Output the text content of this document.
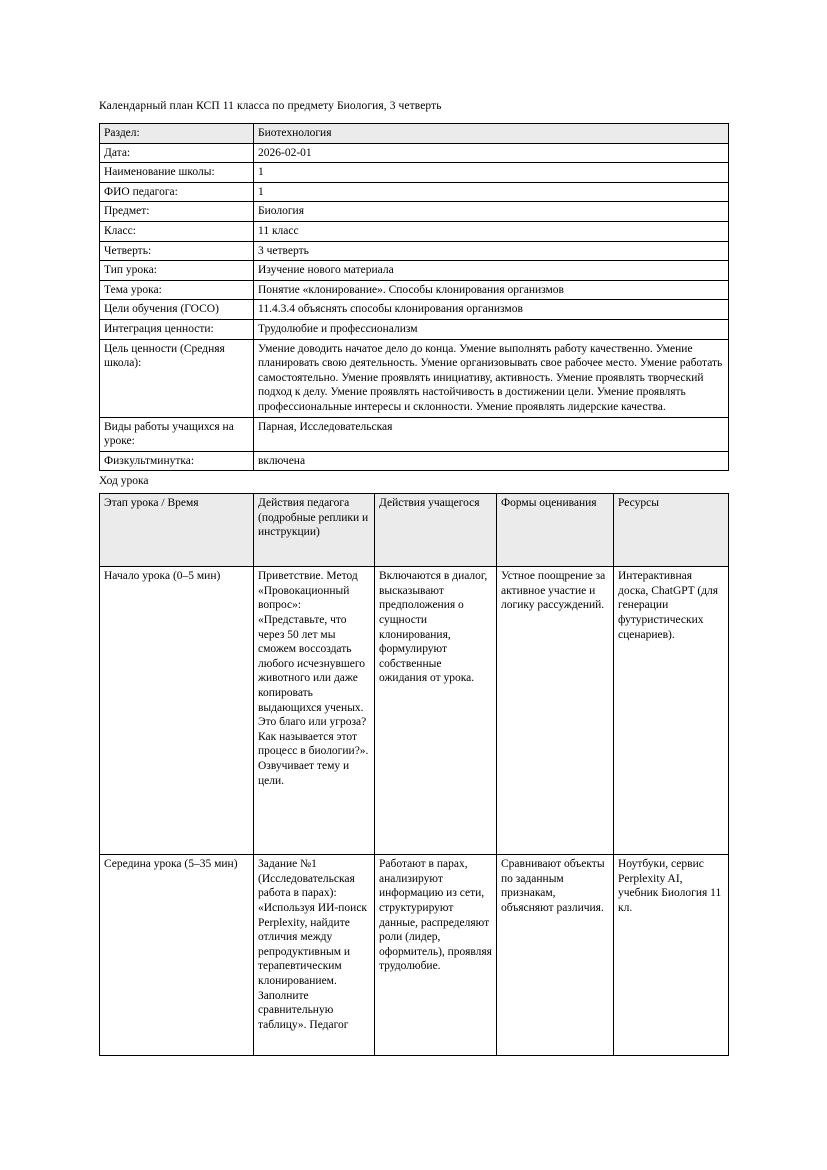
Календарный план КСП 11 класса по предмету Биология, 3 четверть
Раздел:	Биотехнология
Дата:	2026-02-01
Наименование школы:	1
ФИО педагога:	1
Предмет:	Биология
Класс:	11 класс
Четверть:	3 четверть
Тип урока:	Изучение нового материала
Тема урока:	Понятие «клонирование». Способы клонирования организмов
Цели обучения (ГОСО)	11.4.3.4 объяснять способы клонирования организмов
Интеграция ценности:	Трудолюбие и профессионализм
Цель ценности (Средняя школа):	Умение доводить начатое дело до конца. Умение выполнять работу качественно. Умение планировать свою деятельность. Умение организовывать свое рабочее место. Умение работать самостоятельно. Умение проявлять инициативу, активность. Умение проявлять творческий подход к делу. Умение проявлять настойчивость в достижении цели. Умение проявлять профессиональные интересы и склонности. Умение проявлять лидерские качества.
Виды работы учащихся на уроке:	Парная, Исследовательская
Физкультминутка:	включена
Ход урока
Этап урока / Время	Действия педагога (подробные реплики и инструкции)	Действия учащегося	Формы оценивания	Ресурсы
Начало урока (0–5 мин)	Приветствие. Метод «Провокационный вопрос»: «Представьте, что через 50 лет мы сможем воссоздать любого исчезнувшего животного или даже копировать выдающихся ученых. Это благо или угроза? Как называется этот процесс в биологии?». Озвучивает тему и цели.	Включаются в диалог, высказывают предположения о сущности клонирования, формулируют собственные ожидания от урока.	Устное поощрение за активное участие и логику рассуждений.	Интерактивная доска, ChatGPT (для генерации футуристических сценариев).
Середина урока (5–35 мин)	Задание №1 (Исследовательская работа в парах): «Используя ИИ-поиск Perplexity, найдите отличия между репродуктивным и терапевтическим клонированием. Заполните сравнительную таблицу». Педагог	Работают в парах, анализируют информацию из сети, структурируют данные, распределяют роли (лидер, оформитель), проявляя трудолюбие.	Сравнивают объекты по заданным признакам, объясняют различия.	Ноутбуки, сервис Perplexity AI, учебник Биология 11 кл.
